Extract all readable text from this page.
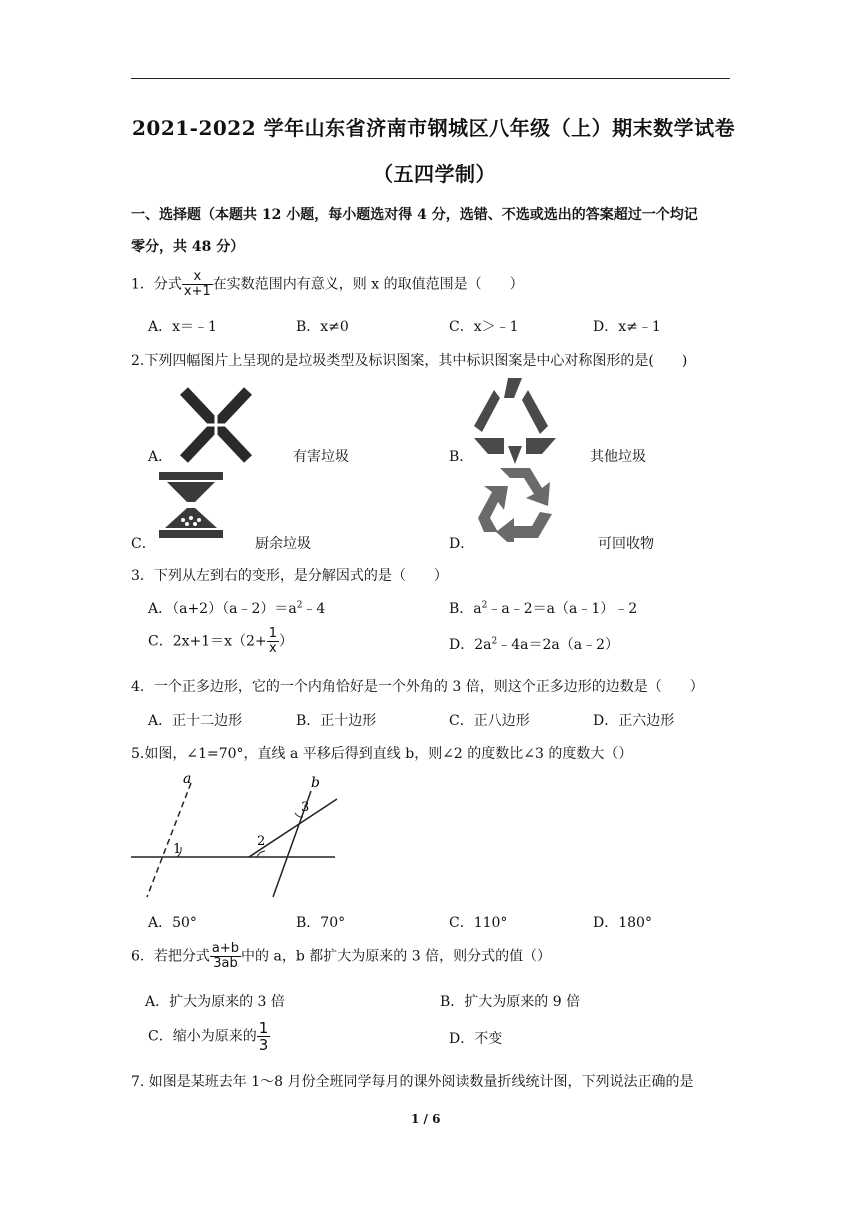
2021-2022 学年山东省济南市钢城区八年级（上）期末数学试卷
（五四学制）
一、选择题（本题共 12 小题，每小题选对得 4 分，选错、不选或选出的答案超过一个均记
零分，共 48 分）
1．分式 $\frac{x}{x+1}$ 在实数范围内有意义，则 x 的取值范围是（　　）
A．x＝﹣1	B．x≠0	C．x＞﹣1	D．x≠﹣1
2.下列四幅图片上呈现的是垃圾类型及标识图案，其中标识图案是中心对称图形的是(　　)
A．	有害垃圾	B．	其他垃圾
C．	厨余垃圾	D．	可回收物
3．下列从左到右的变形，是分解因式的是（　　）
A．$(a+2)(a﹣2)=a^2﹣4$	B．$a^2﹣a﹣2=a(a﹣1)﹣2$
C．$2x+1=x(2+ \frac{1}{x}$ ）	D．$2a^2﹣4a=2a(a﹣2)$
4．一个正多边形，它的一个内角恰好是一个外角的 3 倍，则这个正多边形的边数是（　　）
A．正十二边形	B．正十边形	C．正八边形	D．正六边形
5.如图，∠1=70°，直线 a 平移后得到直线 b，则∠2 的度数比∠3 的度数大（）
a	b
1
2
3
A．50°	B．70°	C．110°	D．180°
6．若把分式 $\frac{a+b}{3ab}$ 中的 a，b 都扩大为原来的 3 倍，则分式的值（）
A．扩大为原来的 3 倍	B．扩大为原来的 9 倍
C．缩小为原来的 $\frac{1}{3}$	D．不变
7. 如图是某班去年 1～8 月份全班同学每月的课外阅读数量折线统计图，下列说法正确的是
1 / 6
